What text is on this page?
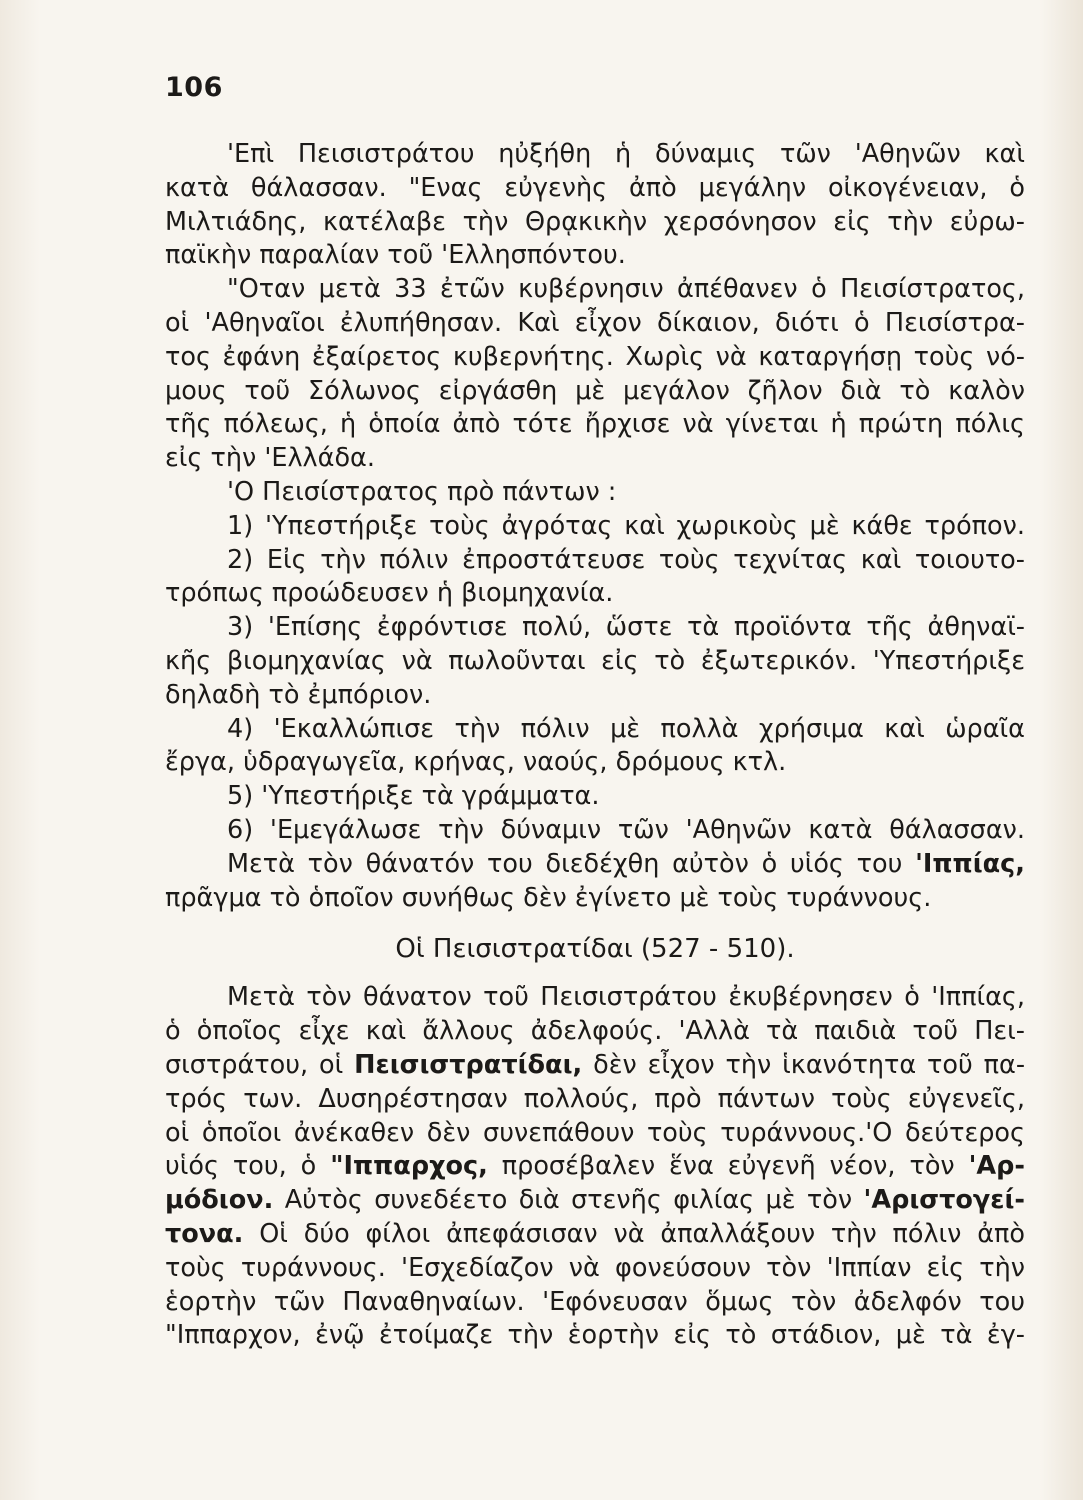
106
'Επὶ Πεισιστράτου ηὐξήθη ἡ δύναμις τῶν 'Αθηνῶν καὶ
κατὰ θάλασσαν. "Ενας εὐγενὴς ἀπὸ μεγάλην οἰκογένειαν, ὁ
Μιλτιάδης, κατέλαβε τὴν Θρᾳκικὴν χερσόνησον εἰς τὴν εὐρω-
παϊκὴν παραλίαν τοῦ 'Ελλησπόντου.
"Οταν μετὰ 33 ἐτῶν κυβέρνησιν ἀπέθανεν ὁ Πεισίστρατος,
οἱ 'Αθηναῖοι ἐλυπήθησαν. Καὶ εἶχον δίκαιον, διότι ὁ Πεισίστρα-
τος ἐφάνη ἐξαίρετος κυβερνήτης. Χωρὶς νὰ καταργήσῃ τοὺς νό-
μους τοῦ Σόλωνος εἰργάσθη μὲ μεγάλον ζῆλον διὰ τὸ καλὸν
τῆς πόλεως, ἡ ὁποία ἀπὸ τότε ἤρχισε νὰ γίνεται ἡ πρώτη πόλις
εἰς τὴν 'Ελλάδα.
'Ο Πεισίστρατος πρὸ πάντων :
1) 'Υπεστήριξε τοὺς ἀγρότας καὶ χωρικοὺς μὲ κάθε τρόπον.
2) Εἰς τὴν πόλιν ἐπροστάτευσε τοὺς τεχνίτας καὶ τοιουτο-
τρόπως προώδευσεν ἡ βιομηχανία.
3) 'Επίσης ἐφρόντισε πολύ, ὥστε τὰ προϊόντα τῆς ἀθηναϊ-
κῆς βιομηχανίας νὰ πωλοῦνται εἰς τὸ ἐξωτερικόν. 'Υπεστήριξε
δηλαδὴ τὸ ἐμπόριον.
4) 'Εκαλλώπισε τὴν πόλιν μὲ πολλὰ χρήσιμα καὶ ὡραῖα
ἔργα, ὑδραγωγεῖα, κρήνας, ναούς, δρόμους κτλ.
5) 'Υπεστήριξε τὰ γράμματα.
6) 'Εμεγάλωσε τὴν δύναμιν τῶν 'Αθηνῶν κατὰ θάλασσαν.
Μετὰ τὸν θάνατόν του διεδέχθη αὐτὸν ὁ υἱός του 'Ιππίας,
πρᾶγμα τὸ ὁποῖον συνήθως δὲν ἐγίνετο μὲ τοὺς τυράννους.
Οἱ Πεισιστρατίδαι (527 - 510).
Μετὰ τὸν θάνατον τοῦ Πεισιστράτου ἐκυβέρνησεν ὁ 'Ιππίας,
ὁ ὁποῖος εἶχε καὶ ἄλλους ἀδελφούς. 'Αλλὰ τὰ παιδιὰ τοῦ Πει-
σιστράτου, οἱ Πεισιστρατίδαι, δὲν εἶχον τὴν ἱκανότητα τοῦ πα-
τρός των. Δυσηρέστησαν πολλούς, πρὸ πάντων τοὺς εὐγενεῖς,
οἱ ὁποῖοι ἀνέκαθεν δὲν συνεπάθουν τοὺς τυράννους.'Ο δεύτερος
υἱός του, ὁ "Ιππαρχος, προσέβαλεν ἕνα εὐγενῆ νέον, τὸν 'Αρ-
μόδιον. Αὐτὸς συνεδέετο διὰ στενῆς φιλίας μὲ τὸν 'Αριστογεί-
τονα. Οἱ δύο φίλοι ἀπεφάσισαν νὰ ἀπαλλάξουν τὴν πόλιν ἀπὸ
τοὺς τυράννους. 'Εσχεδίαζον νὰ φονεύσουν τὸν 'Ιππίαν εἰς τὴν
ἑορτὴν τῶν Παναθηναίων. 'Εφόνευσαν ὅμως τὸν ἀδελφόν του
"Ιππαρχον, ἐνῷ ἐτοίμαζε τὴν ἑορτὴν εἰς τὸ στάδιον, μὲ τὰ ἐγ-
